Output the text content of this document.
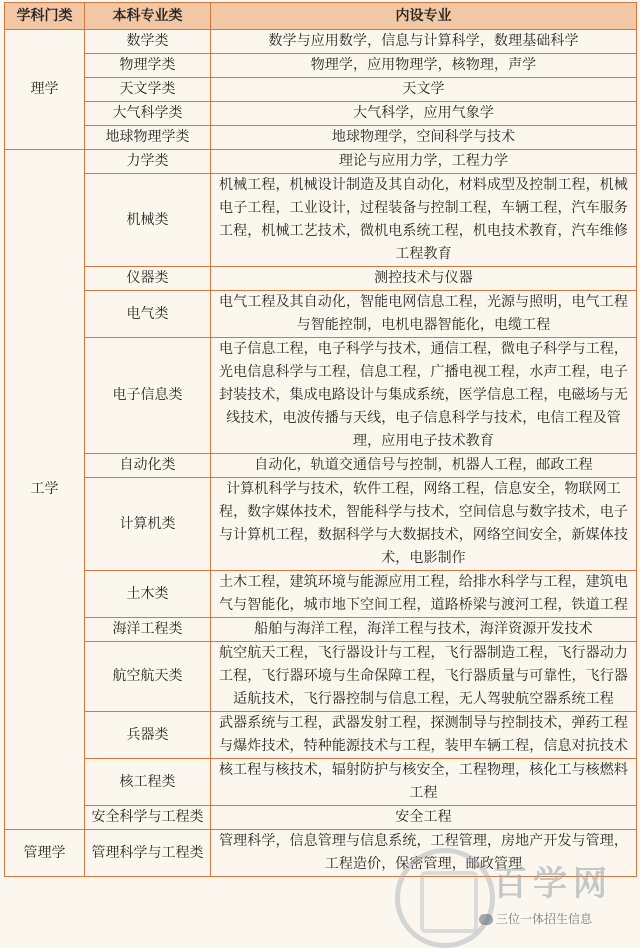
学科门类	本科专业类	内设专业
理学	数学类	数学与应用数学，信息与计算科学，数理基础科学
	物理学类	物理学，应用物理学，核物理，声学
	天文学类	天文学
	大气科学类	大气科学，应用气象学
	地球物理学类	地球物理学，空间科学与技术
工学	力学类	理论与应用力学，工程力学
	机械类	机械工程，机械设计制造及其自动化，材料成型及控制工程，机械电子工程，工业设计，过程装备与控制工程，车辆工程，汽车服务工程，机械工艺技术，微机电系统工程，机电技术教育，汽车维修工程教育
	仪器类	测控技术与仪器
	电气类	电气工程及其自动化，智能电网信息工程，光源与照明，电气工程与智能控制，电机电器智能化，电缆工程
	电子信息类	电子信息工程，电子科学与技术，通信工程，微电子科学与工程，光电信息科学与工程，信息工程，广播电视工程，水声工程，电子封装技术，集成电路设计与集成系统，医学信息工程，电磁场与无线技术，电波传播与天线，电子信息科学与技术，电信工程及管理，应用电子技术教育
	自动化类	自动化，轨道交通信号与控制，机器人工程，邮政工程
	计算机类	计算机科学与技术，软件工程，网络工程，信息安全，物联网工程，数字媒体技术，智能科学与技术，空间信息与数字技术，电子与计算机工程，数据科学与大数据技术，网络空间安全，新媒体技术，电影制作
	土木类	土木工程，建筑环境与能源应用工程，给排水科学与工程，建筑电气与智能化，城市地下空间工程，道路桥梁与渡河工程，铁道工程
	海洋工程类	船舶与海洋工程，海洋工程与技术，海洋资源开发技术
	航空航天类	航空航天工程，飞行器设计与工程，飞行器制造工程，飞行器动力工程，飞行器环境与生命保障工程，飞行器质量与可靠性，飞行器适航技术，飞行器控制与信息工程，无人驾驶航空器系统工程
	兵器类	武器系统与工程，武器发射工程，探测制导与控制技术，弹药工程与爆炸技术，特种能源技术与工程，装甲车辆工程，信息对抗技术
	核工程类	核工程与核技术，辐射防护与核安全，工程物理，核化工与核燃料工程
	安全科学与工程类	安全工程
管理学	管理科学与工程类	管理科学，信息管理与信息系统，工程管理，房地产开发与管理，工程造价，保密管理，邮政管理
百学网
三位一体招生信息
